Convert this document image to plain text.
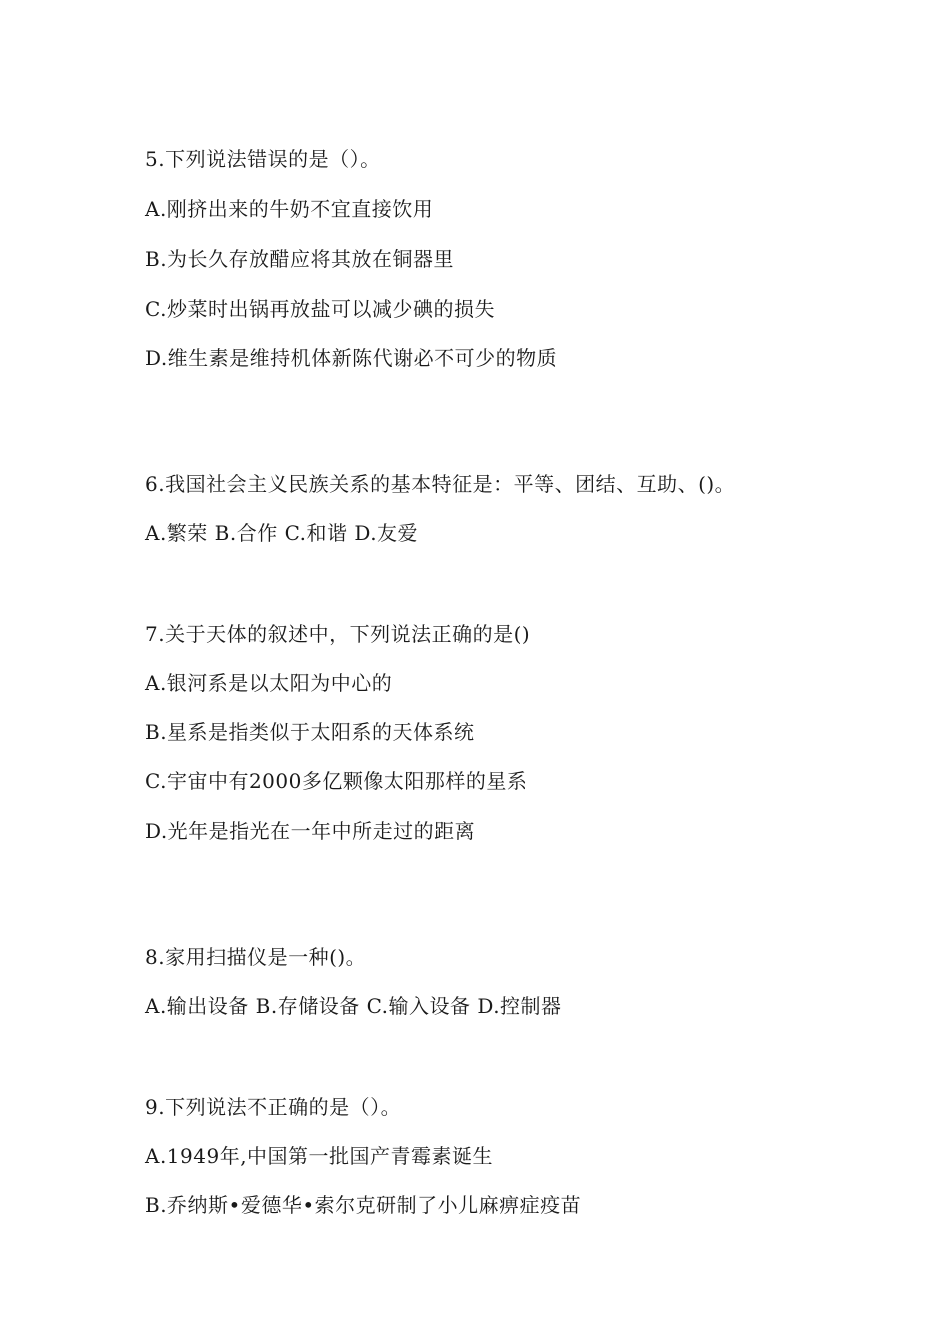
5.下列说法错误的是（）。
A.刚挤出来的牛奶不宜直接饮用
B.为长久存放醋应将其放在铜器里
C.炒菜时出锅再放盐可以减少碘的损失
D.维生素是维持机体新陈代谢必不可少的物质
6.我国社会主义民族关系的基本特征是：平等、团结、互助、()。
A.繁荣 B.合作 C.和谐 D.友爱
7.关于天体的叙述中，下列说法正确的是()
A.银河系是以太阳为中心的
B.星系是指类似于太阳系的天体系统
C.宇宙中有2000多亿颗像太阳那样的星系
D.光年是指光在一年中所走过的距离
8.家用扫描仪是一种()。
A.输出设备 B.存储设备 C.输入设备 D.控制器
9.下列说法不正确的是（）。
A.1949年,中国第一批国产青霉素诞生
B.乔纳斯•爱德华•索尔克研制了小儿麻痹症疫苗
